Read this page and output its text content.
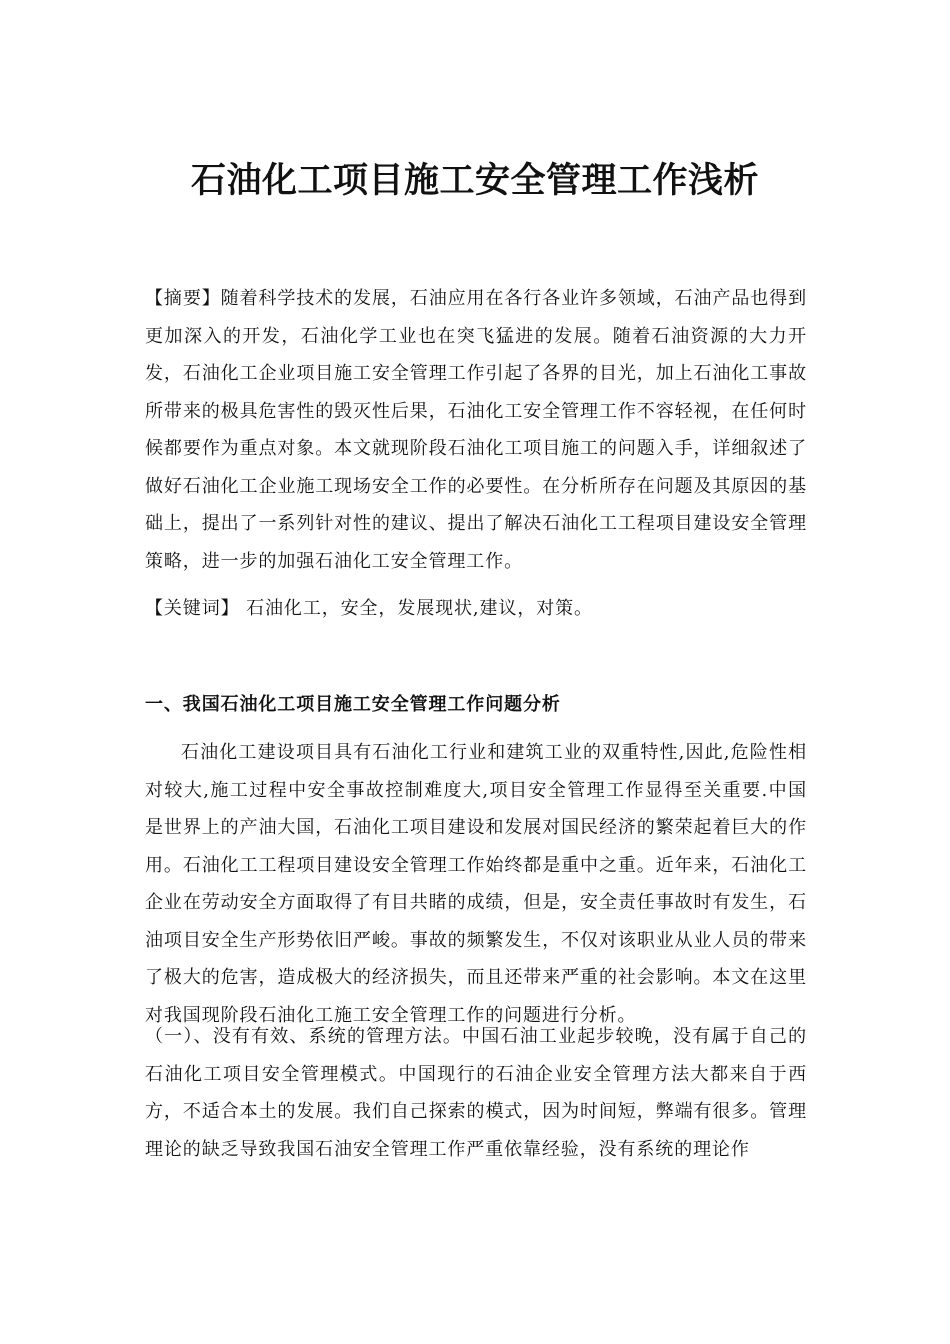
石油化工项目施工安全管理工作浅析

【摘要】随着科学技术的发展，石油应用在各行各业许多领域，石油产品也得到更加深入的开发，石油化学工业也在突飞猛进的发展。随着石油资源的大力开发，石油化工企业项目施工安全管理工作引起了各界的目光，加上石油化工事故所带来的极具危害性的毁灭性后果，石油化工安全管理工作不容轻视，在任何时候都要作为重点对象。本文就现阶段石油化工项目施工的问题入手，详细叙述了做好石油化工企业施工现场安全工作的必要性。在分析所存在问题及其原因的基础上，提出了一系列针对性的建议、提出了解决石油化工工程项目建设安全管理策略，进一步的加强石油化工安全管理工作。

【关键词】 石油化工，安全，发展现状,建议，对策。

一、我国石油化工项目施工安全管理工作问题分析

石油化工建设项目具有石油化工行业和建筑工业的双重特性,因此,危险性相对较大,施工过程中安全事故控制难度大,项目安全管理工作显得至关重要.中国是世界上的产油大国，石油化工项目建设和发展对国民经济的繁荣起着巨大的作用。石油化工工程项目建设安全管理工作始终都是重中之重。近年来，石油化工企业在劳动安全方面取得了有目共睹的成绩，但是，安全责任事故时有发生，石油项目安全生产形势依旧严峻。事故的频繁发生，不仅对该职业从业人员的带来了极大的危害，造成极大的经济损失，而且还带来严重的社会影响。本文在这里对我国现阶段石油化工施工安全管理工作的问题进行分析。

（一）、没有有效、系统的管理方法。中国石油工业起步较晚，没有属于自己的石油化工项目安全管理模式。中国现行的石油企业安全管理方法大都来自于西方，不适合本土的发展。我们自己探索的模式，因为时间短，弊端有很多。管理理论的缺乏导致我国石油安全管理工作严重依靠经验，没有系统的理论作
